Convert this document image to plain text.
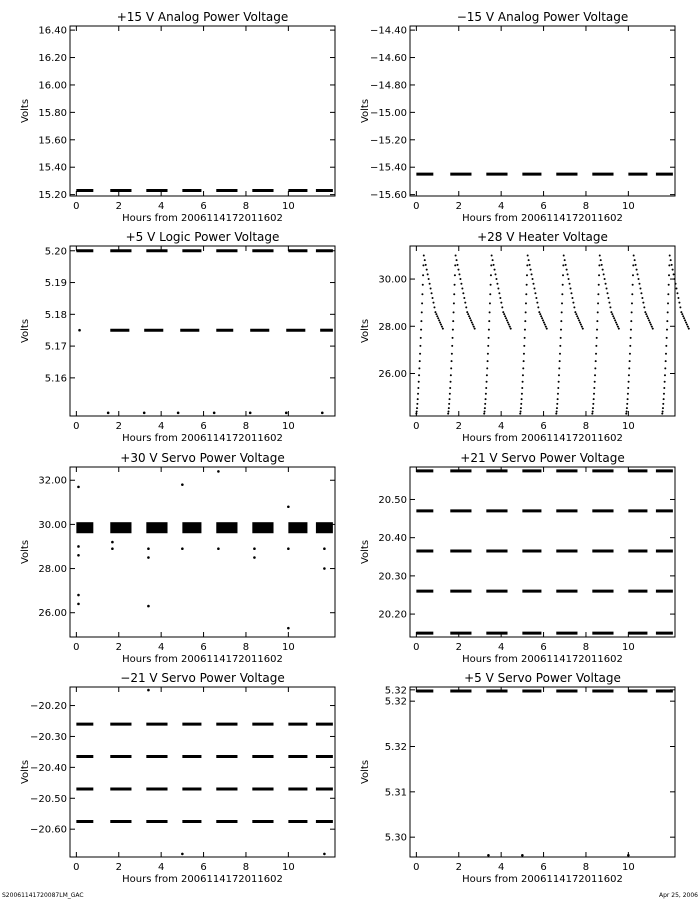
+15 V Analog Power Voltage
Hours from 2006114172011602
Volts
0	2	4	6	8	10
15.20
15.40
15.60
15.80
16.00
16.20
16.40
−15 V Analog Power Voltage
Hours from 2006114172011602
Volts
0	2	4	6	8	10
−15.60
−15.40
−15.20
−15.00
−14.80
−14.60
−14.40
+5 V Logic Power Voltage
Hours from 2006114172011602
Volts
0	2	4	6	8	10
5.16
5.17
5.18
5.19
5.20
+28 V Heater Voltage
Hours from 2006114172011602
Volts
0	2	4	6	8	10
26.00
28.00
30.00
+30 V Servo Power Voltage
Hours from 2006114172011602
Volts
0	2	4	6	8	10
26.00
28.00
30.00
32.00
+21 V Servo Power Voltage
Hours from 2006114172011602
Volts
0	2	4	6	8	10
20.20
20.30
20.40
20.50
−21 V Servo Power Voltage
Hours from 2006114172011602
Volts
0	2	4	6	8	10
−20.60
−20.50
−20.40
−20.30
−20.20
+5 V Servo Power Voltage
Hours from 2006114172011602
Volts
0	2	4	6	8	10
5.30
5.31
5.32
5.32
5.32
S20061141720087LM_GAC	Apr 25, 2006
